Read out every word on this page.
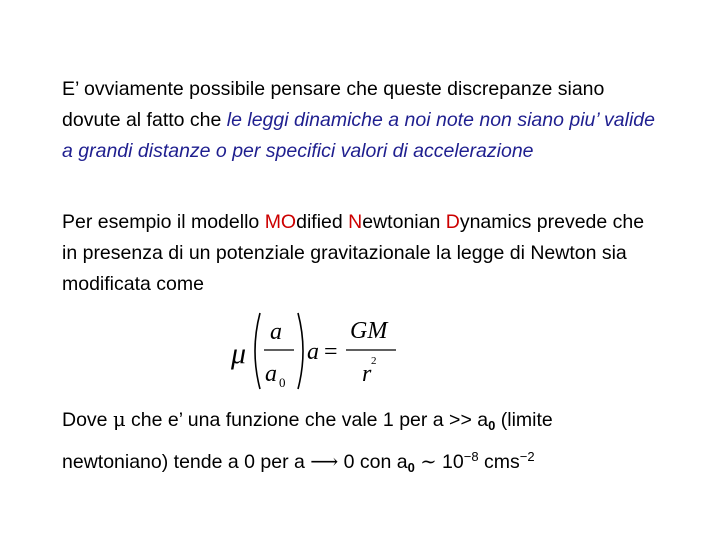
E’ ovviamente possibile pensare che queste discrepanze siano dovute al fatto che le leggi dinamiche a noi note non siano piu’ valide a grandi distanze o per specifici valori di accelerazione

Per esempio il modello MOdified Newtonian Dynamics prevede che in presenza di un potenziale gravitazionale la legge di Newton sia modificata come

μ
a
a 0
a =
GM
r 2

Dove μ che e’ una funzione che vale 1 per $a >> a_0$ (limite newtoniano) tende a 0 per a ⟶ 0 con $a_0$ ∼ $10^{-8}$ cms$^{-2}$
